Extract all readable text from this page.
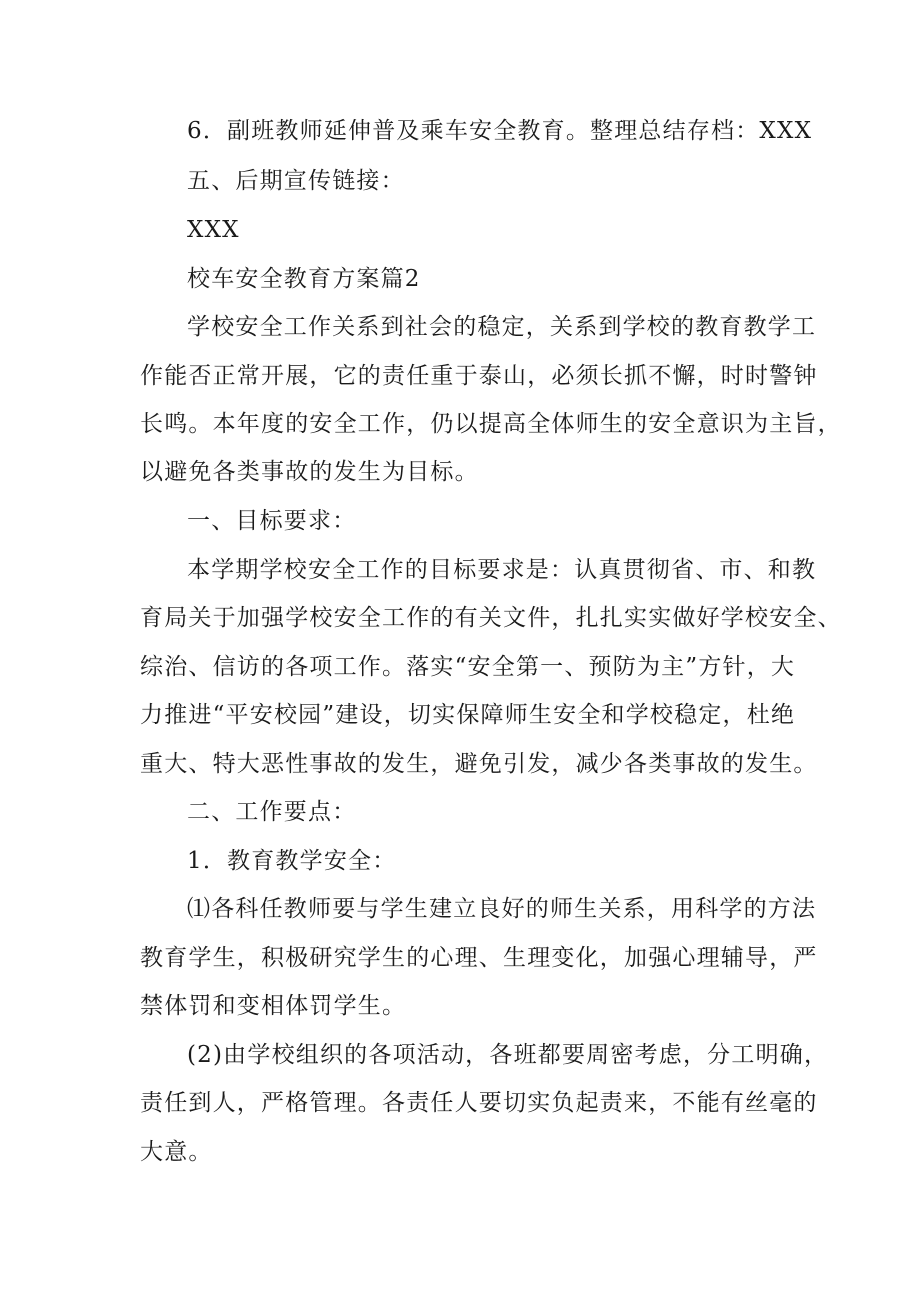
6．副班教师延伸普及乘车安全教育。整理总结存档：XXX
五、后期宣传链接：
XXX
校车安全教育方案篇2
学校安全工作关系到社会的稳定，关系到学校的教育教学工
作能否正常开展，它的责任重于泰山，必须长抓不懈，时时警钟
长鸣。本年度的安全工作，仍以提高全体师生的安全意识为主旨，
以避免各类事故的发生为目标。
一、目标要求：
本学期学校安全工作的目标要求是：认真贯彻省、市、和教
育局关于加强学校安全工作的有关文件，扎扎实实做好学校安全、
综治、信访的各项工作。落实“安全第一、预防为主”方针，大
力推进“平安校园”建设，切实保障师生安全和学校稳定，杜绝
重大、特大恶性事故的发生，避免引发，减少各类事故的发生。
二、工作要点：
1．教育教学安全：
⑴各科任教师要与学生建立良好的师生关系，用科学的方法
教育学生，积极研究学生的心理、生理变化，加强心理辅导，严
禁体罚和变相体罚学生。
(2)由学校组织的各项活动，各班都要周密考虑，分工明确，
责任到人，严格管理。各责任人要切实负起责来，不能有丝毫的
大意。
